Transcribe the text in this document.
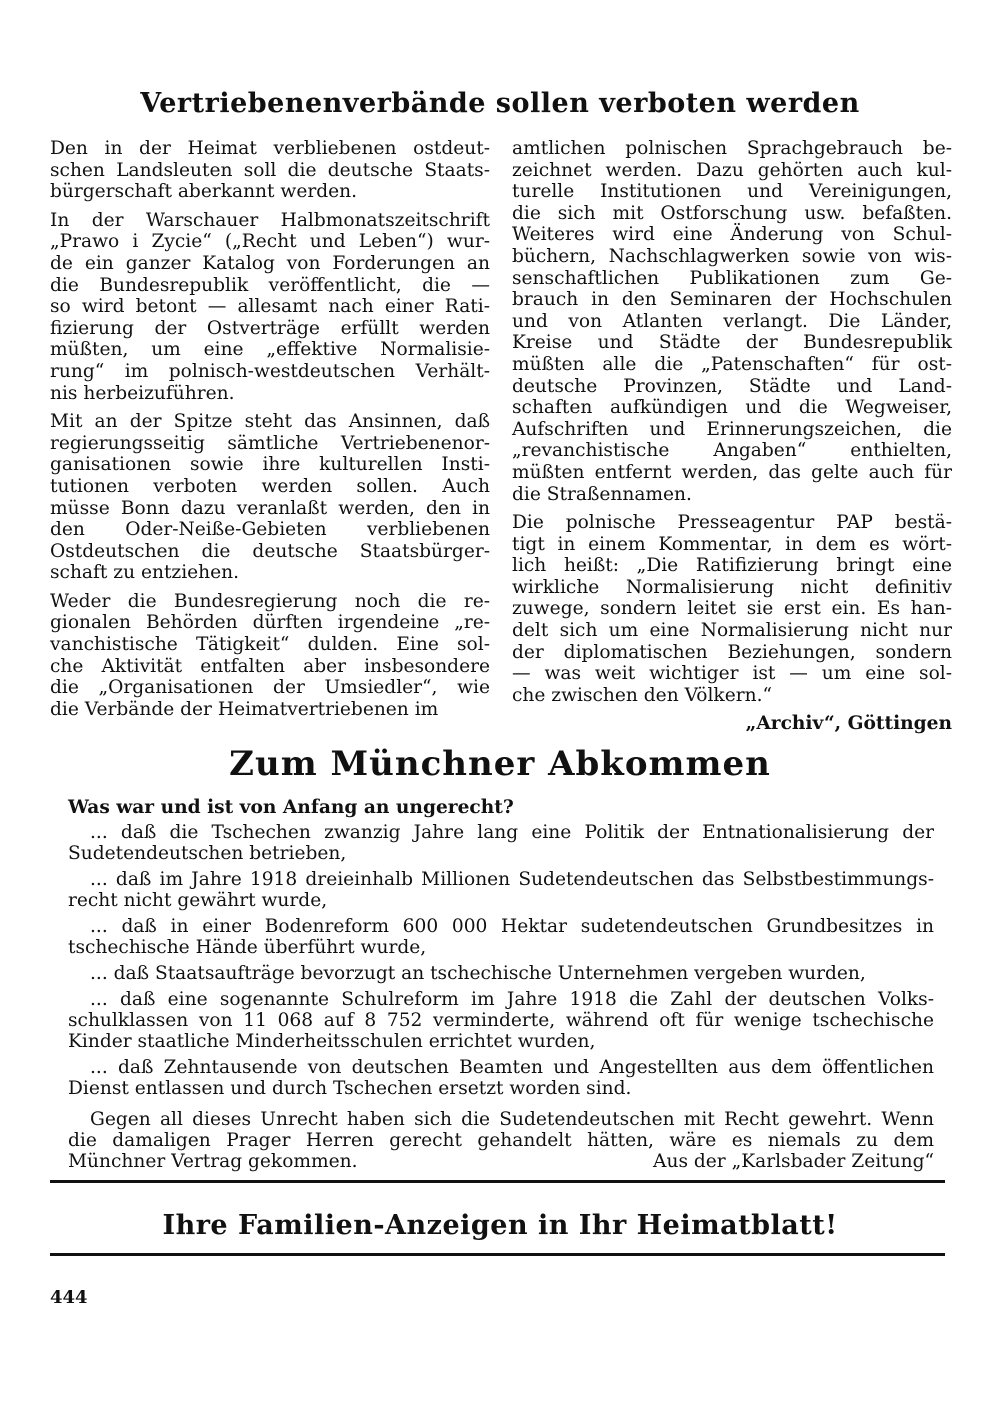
Vertriebenenverbände sollen verboten werden

Den in der Heimat verbliebenen ostdeut-
schen Landsleuten soll die deutsche Staats-
bürgerschaft aberkannt werden.

In der Warschauer Halbmonatszeitschrift
„Prawo i Zycie“ („Recht und Leben“) wur-
de ein ganzer Katalog von Forderungen an
die Bundesrepublik veröffentlicht, die —
so wird betont — allesamt nach einer Rati-
fizierung der Ostverträge erfüllt werden
müßten, um eine „effektive Normalisie-
rung“ im polnisch-westdeutschen Verhält-
nis herbeizuführen.

Mit an der Spitze steht das Ansinnen, daß
regierungsseitig sämtliche Vertriebenenor-
ganisationen sowie ihre kulturellen Insti-
tutionen verboten werden sollen. Auch
müsse Bonn dazu veranlaßt werden, den in
den Oder-Neiße-Gebieten verbliebenen
Ostdeutschen die deutsche Staatsbürger-
schaft zu entziehen.

Weder die Bundesregierung noch die re-
gionalen Behörden dürften irgendeine „re-
vanchistische Tätigkeit“ dulden. Eine sol-
che Aktivität entfalten aber insbesondere
die „Organisationen der Umsiedler“, wie
die Verbände der Heimatvertriebenen im

amtlichen polnischen Sprachgebrauch be-
zeichnet werden. Dazu gehörten auch kul-
turelle Institutionen und Vereinigungen,
die sich mit Ostforschung usw. befaßten.
Weiteres wird eine Änderung von Schul-
büchern, Nachschlagwerken sowie von wis-
senschaftlichen Publikationen zum Ge-
brauch in den Seminaren der Hochschulen
und von Atlanten verlangt. Die Länder,
Kreise und Städte der Bundesrepublik
müßten alle die „Patenschaften“ für ost-
deutsche Provinzen, Städte und Land-
schaften aufkündigen und die Wegweiser,
Aufschriften und Erinnerungszeichen, die
„revanchistische Angaben“ enthielten,
müßten entfernt werden, das gelte auch für
die Straßennamen.

Die polnische Presseagentur PAP bestä-
tigt in einem Kommentar, in dem es wört-
lich heißt: „Die Ratifizierung bringt eine
wirkliche Normalisierung nicht definitiv
zuwege, sondern leitet sie erst ein. Es han-
delt sich um eine Normalisierung nicht nur
der diplomatischen Beziehungen, sondern
— was weit wichtiger ist — um eine sol-
che zwischen den Völkern.“

„Archiv“, Göttingen
Zum Münchner Abkommen
Was war und ist von Anfang an ungerecht?
... daß die Tschechen zwanzig Jahre lang eine Politik der Entnationalisierung der
Sudetendeutschen betrieben,
... daß im Jahre 1918 dreieinhalb Millionen Sudetendeutschen das Selbstbestimmungs-
recht nicht gewährt wurde,
... daß in einer Bodenreform 600 000 Hektar sudetendeutschen Grundbesitzes in
tschechische Hände überführt wurde,
... daß Staatsaufträge bevorzugt an tschechische Unternehmen vergeben wurden,
... daß eine sogenannte Schulreform im Jahre 1918 die Zahl der deutschen Volks-
schulklassen von 11 068 auf 8 752 verminderte, während oft für wenige tschechische
Kinder staatliche Minderheitsschulen errichtet wurden,
... daß Zehntausende von deutschen Beamten und Angestellten aus dem öffentlichen
Dienst entlassen und durch Tschechen ersetzt worden sind.
Gegen all dieses Unrecht haben sich die Sudetendeutschen mit Recht gewehrt. Wenn
die damaligen Prager Herren gerecht gehandelt hätten, wäre es niemals zu dem
Münchner Vertrag gekommen.	Aus der „Karlsbader Zeitung“
Ihre Familien-Anzeigen in Ihr Heimatblatt!
444
